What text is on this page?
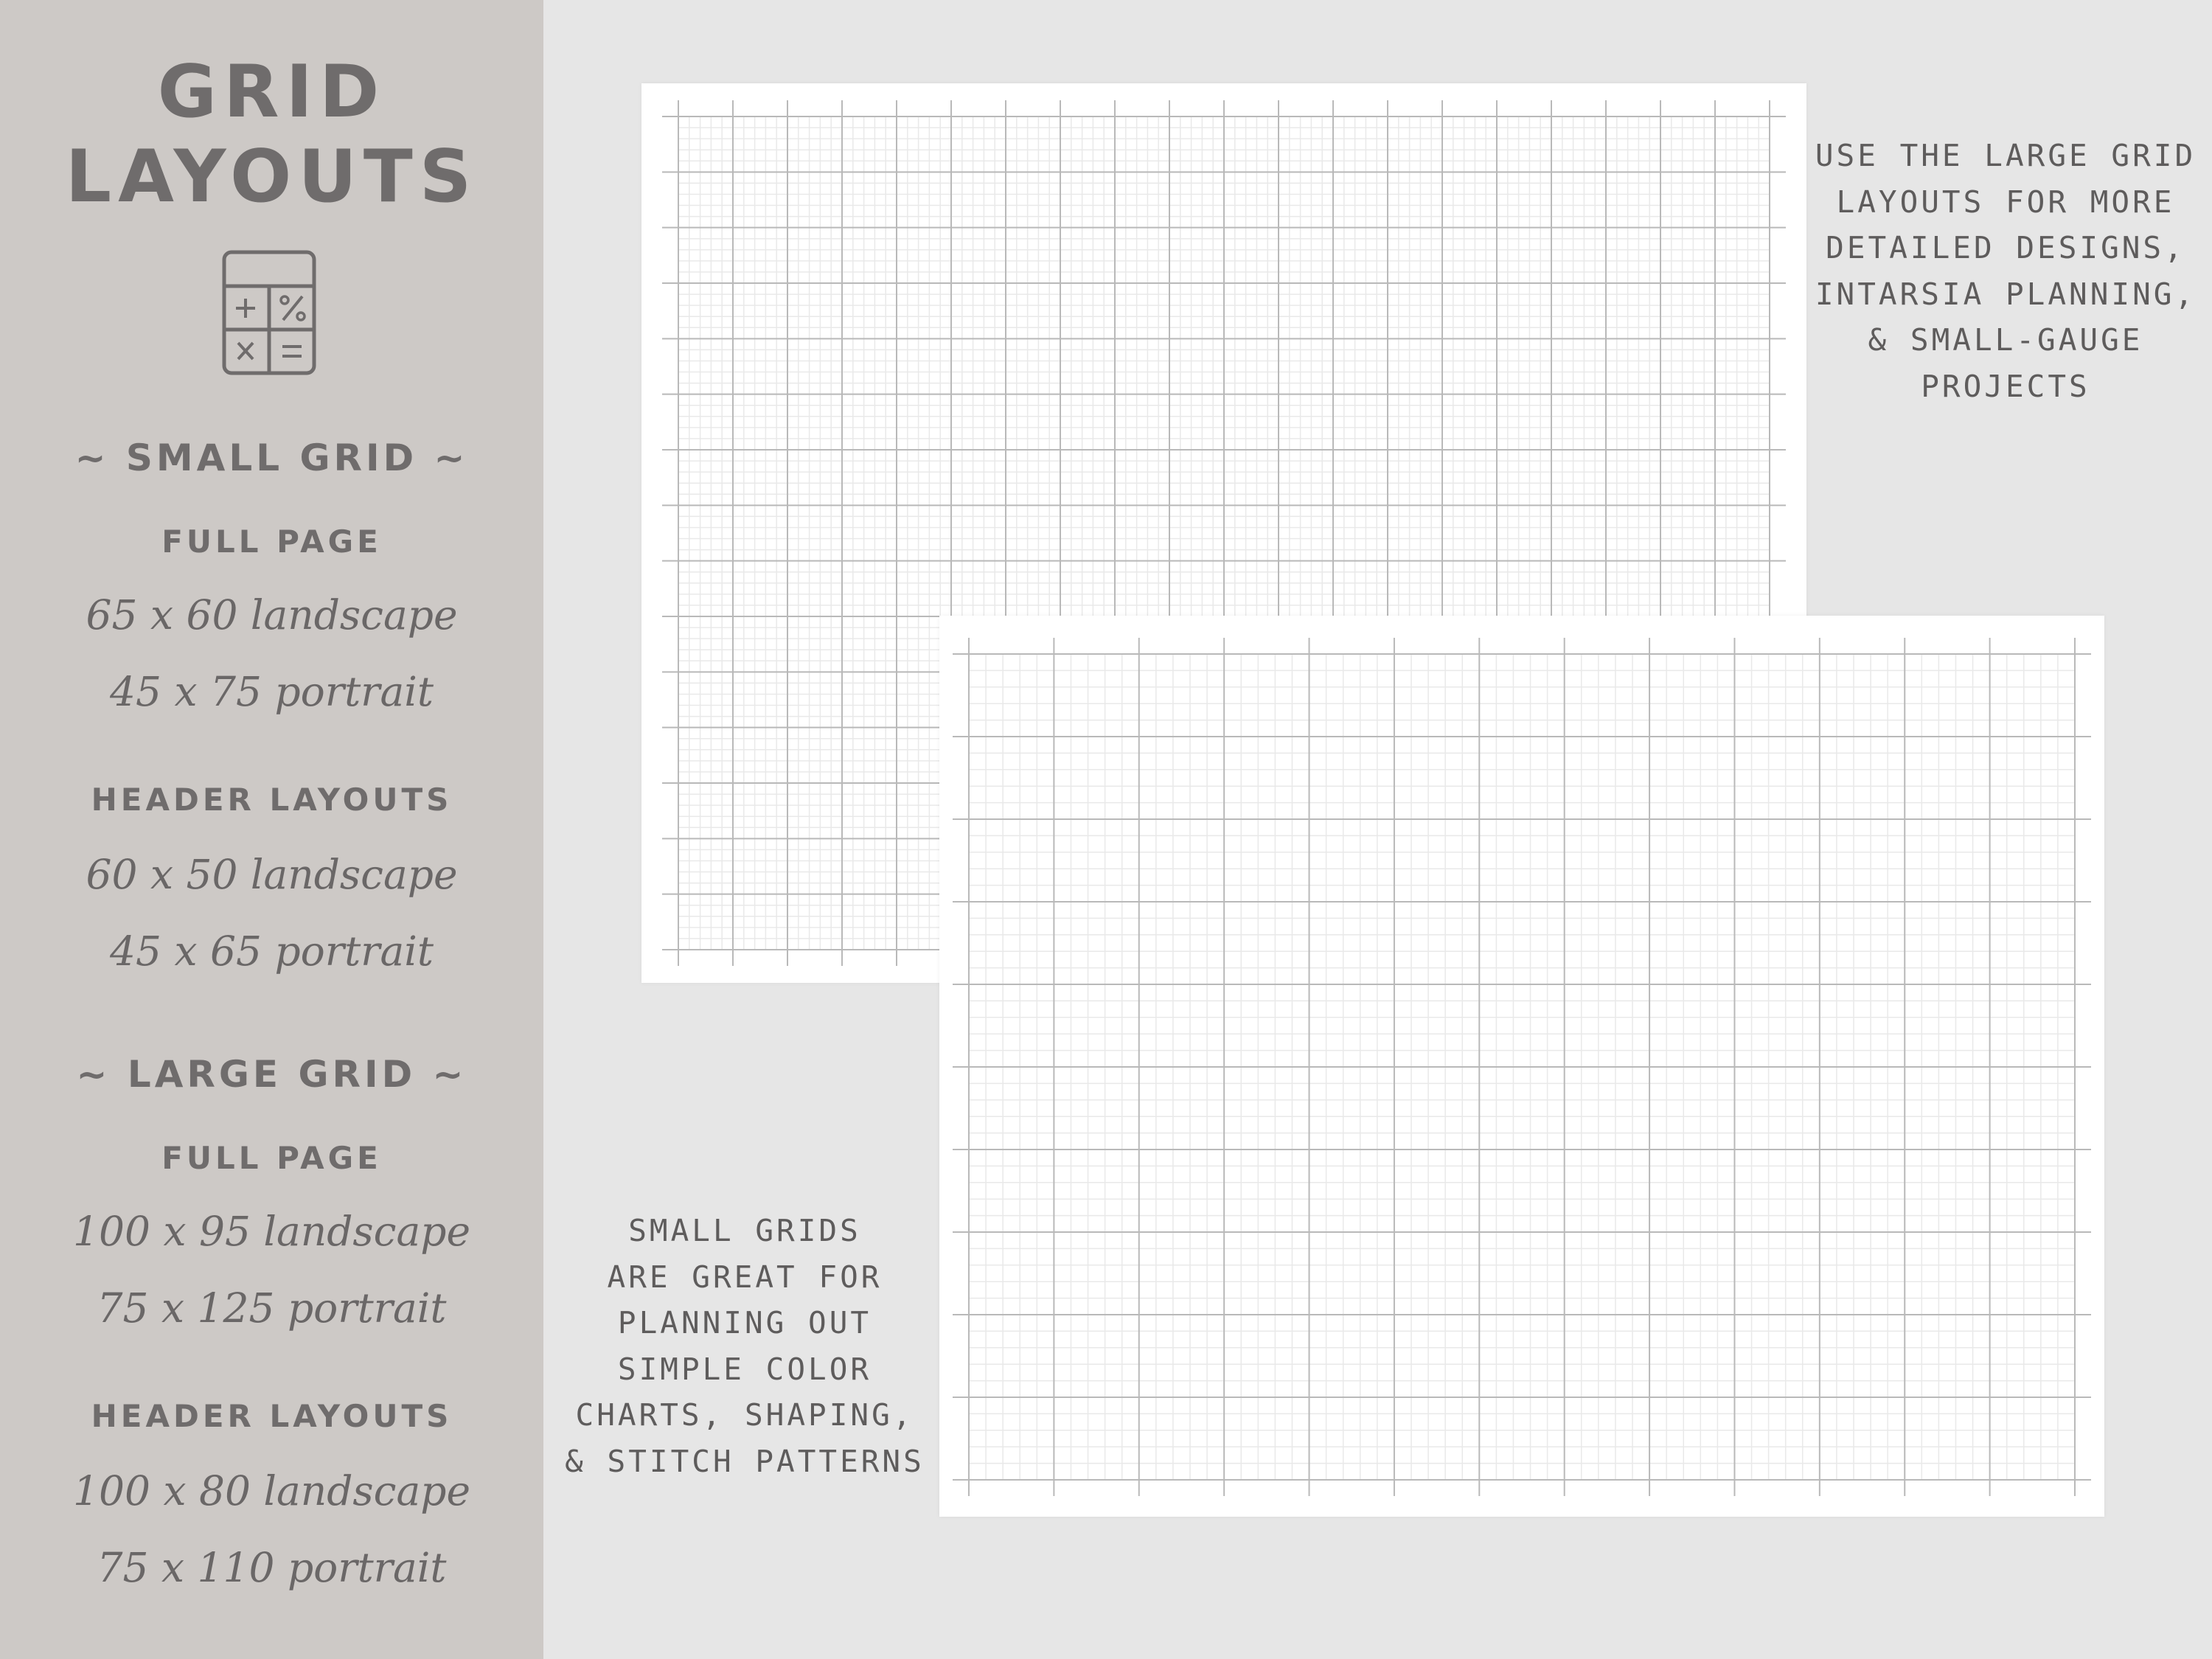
GRID
LAYOUTS
~ SMALL GRID ~
FULL PAGE
65 x 60 landscape
45 x 75 portrait
HEADER LAYOUTS
60 x 50 landscape
45 x 65 portrait
~ LARGE GRID ~
FULL PAGE
100 x 95 landscape
75 x 125 portrait
HEADER LAYOUTS
100 x 80 landscape
75 x 110 portrait
USE THE LARGE GRID
LAYOUTS FOR MORE
DETAILED DESIGNS,
INTARSIA PLANNING,
& SMALL-GAUGE
PROJECTS
SMALL GRIDS
ARE GREAT FOR
PLANNING OUT
SIMPLE COLOR
CHARTS, SHAPING,
& STITCH PATTERNS
